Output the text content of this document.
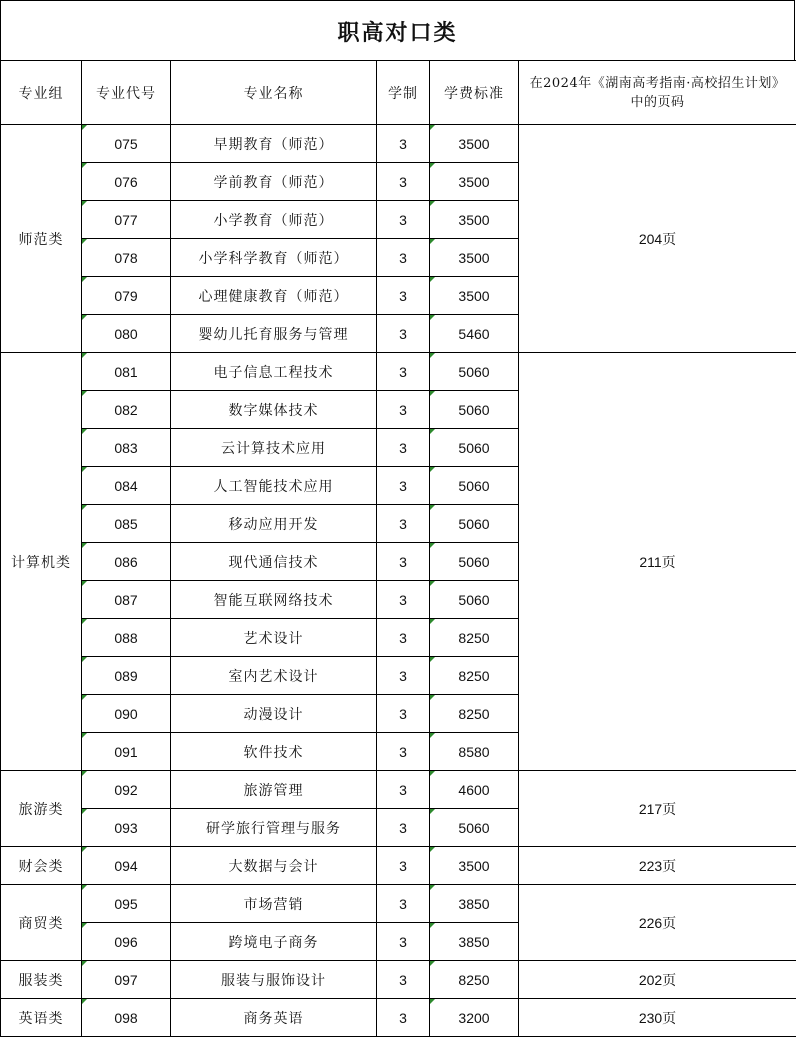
职高对口类
专业组	专业代号	专业名称	学制	学费标准	在2024年《湖南高考指南·高校招生计划》中的页码
师范类	075	早期教育（师范）	3	3500	204页
	076	学前教育（师范）	3	3500	
	077	小学教育（师范）	3	3500	
	078	小学科学教育（师范）	3	3500	
	079	心理健康教育（师范）	3	3500	
	080	婴幼儿托育服务与管理	3	5460	
计算机类	081	电子信息工程技术	3	5060	211页
	082	数字媒体技术	3	5060	
	083	云计算技术应用	3	5060	
	084	人工智能技术应用	3	5060	
	085	移动应用开发	3	5060	
	086	现代通信技术	3	5060	
	087	智能互联网络技术	3	5060	
	088	艺术设计	3	8250	
	089	室内艺术设计	3	8250	
	090	动漫设计	3	8250	
	091	软件技术	3	8580	
旅游类	092	旅游管理	3	4600	217页
	093	研学旅行管理与服务	3	5060	
财会类	094	大数据与会计	3	3500	223页
商贸类	095	市场营销	3	3850	226页
	096	跨境电子商务	3	3850	
服装类	097	服装与服饰设计	3	8250	202页
英语类	098	商务英语	3	3200	230页
